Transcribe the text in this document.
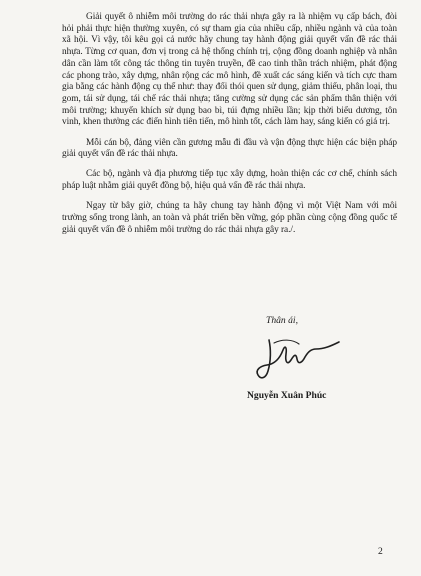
Giải quyết ô nhiễm môi trường do rác thải nhựa gây ra là nhiệm vụ cấp bách, đòi hỏi phải thực hiện thường xuyên, có sự tham gia của nhiều cấp, nhiều ngành và của toàn xã hội. Vì vậy, tôi kêu gọi cả nước hãy chung tay hành động giải quyết vấn đề rác thải nhựa. Từng cơ quan, đơn vị trong cả hệ thống chính trị, cộng đồng doanh nghiệp và nhân dân cần làm tốt công tác thông tin tuyên truyền, đề cao tinh thần trách nhiệm, phát động các phong trào, xây dựng, nhân rộng các mô hình, đề xuất các sáng kiến và tích cực tham gia bằng các hành động cụ thể như: thay đổi thói quen sử dụng, giảm thiểu, phân loại, thu gom, tái sử dụng, tái chế rác thải nhựa; tăng cường sử dụng các sản phẩm thân thiện với môi trường; khuyến khích sử dụng bao bì, túi đựng nhiều lần; kịp thời biểu dương, tôn vinh, khen thưởng các điển hình tiên tiến, mô hình tốt, cách làm hay, sáng kiến có giá trị.

Mỗi cán bộ, đảng viên cần gương mẫu đi đầu và vận động thực hiện các biện pháp giải quyết vấn đề rác thải nhựa.

Các bộ, ngành và địa phương tiếp tục xây dựng, hoàn thiện các cơ chế, chính sách pháp luật nhằm giải quyết đồng bộ, hiệu quả vấn đề rác thải nhựa.

Ngay từ bây giờ, chúng ta hãy chung tay hành động vì một Việt Nam với môi trường sống trong lành, an toàn và phát triển bền vững, góp phần cùng cộng đồng quốc tế giải quyết vấn đề ô nhiễm môi trường do rác thải nhựa gây ra./.

Thân ái,
Nguyễn Xuân Phúc
2
